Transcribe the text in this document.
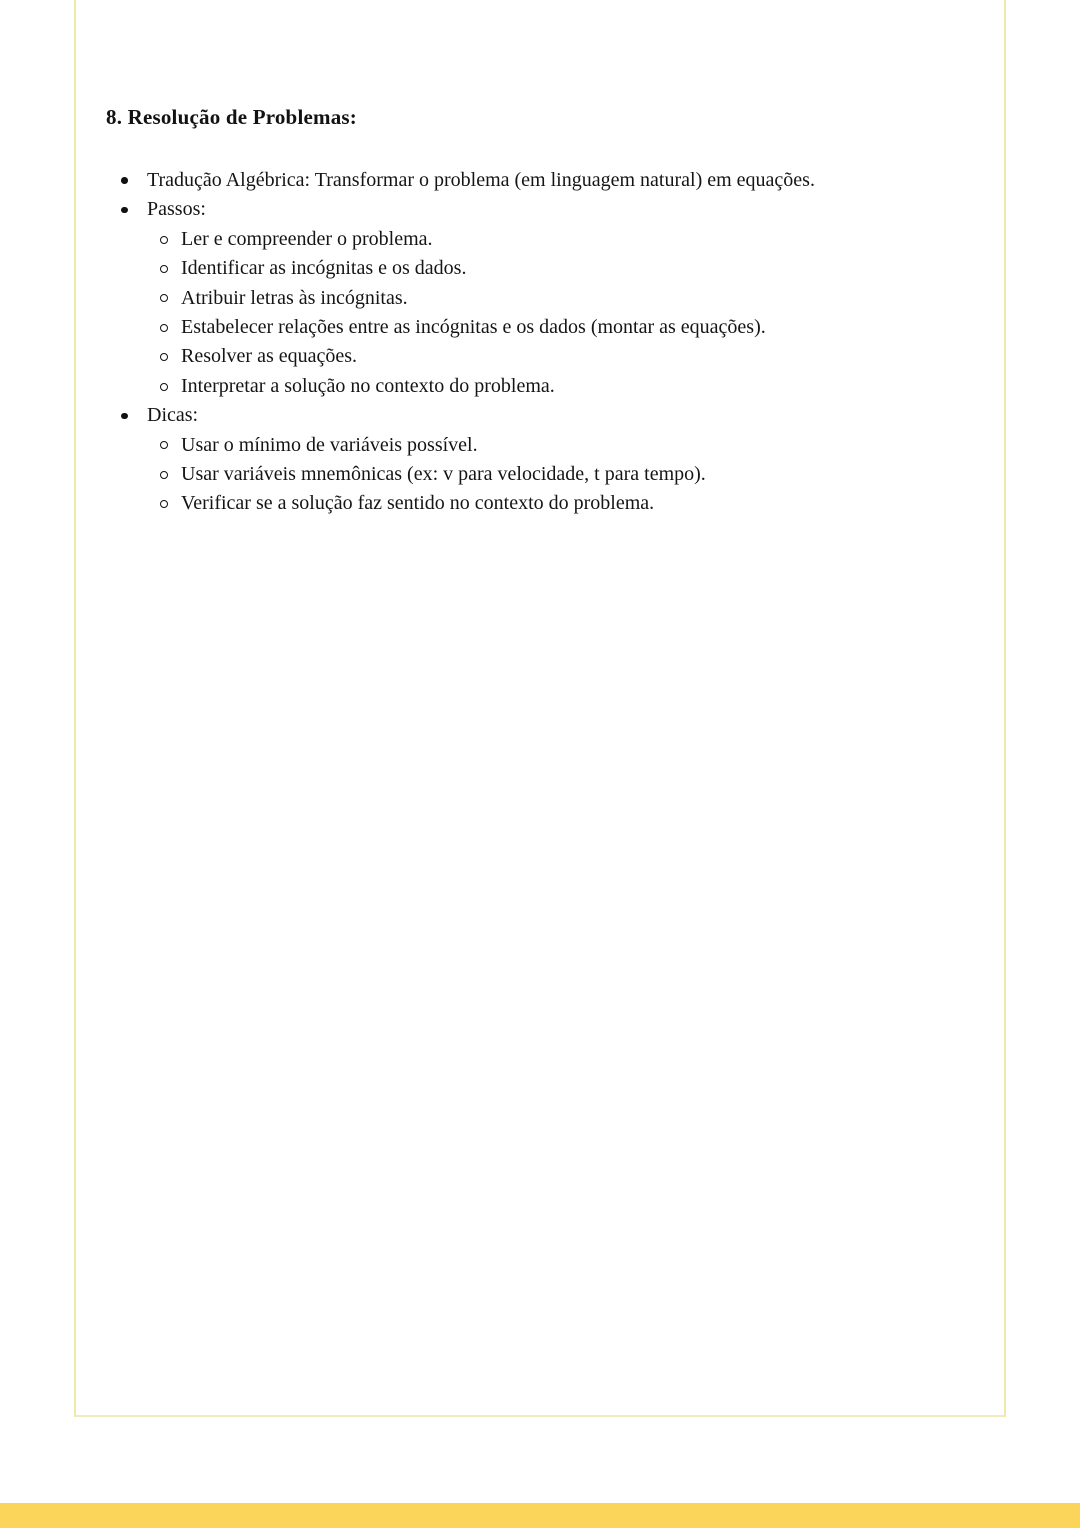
8. Resolução de Problemas:
Tradução Algébrica: Transformar o problema (em linguagem natural) em equações.
Passos:
Ler e compreender o problema.
Identificar as incógnitas e os dados.
Atribuir letras às incógnitas.
Estabelecer relações entre as incógnitas e os dados (montar as equações).
Resolver as equações.
Interpretar a solução no contexto do problema.
Dicas:
Usar o mínimo de variáveis possível.
Usar variáveis mnemônicas (ex: v para velocidade, t para tempo).
Verificar se a solução faz sentido no contexto do problema.
